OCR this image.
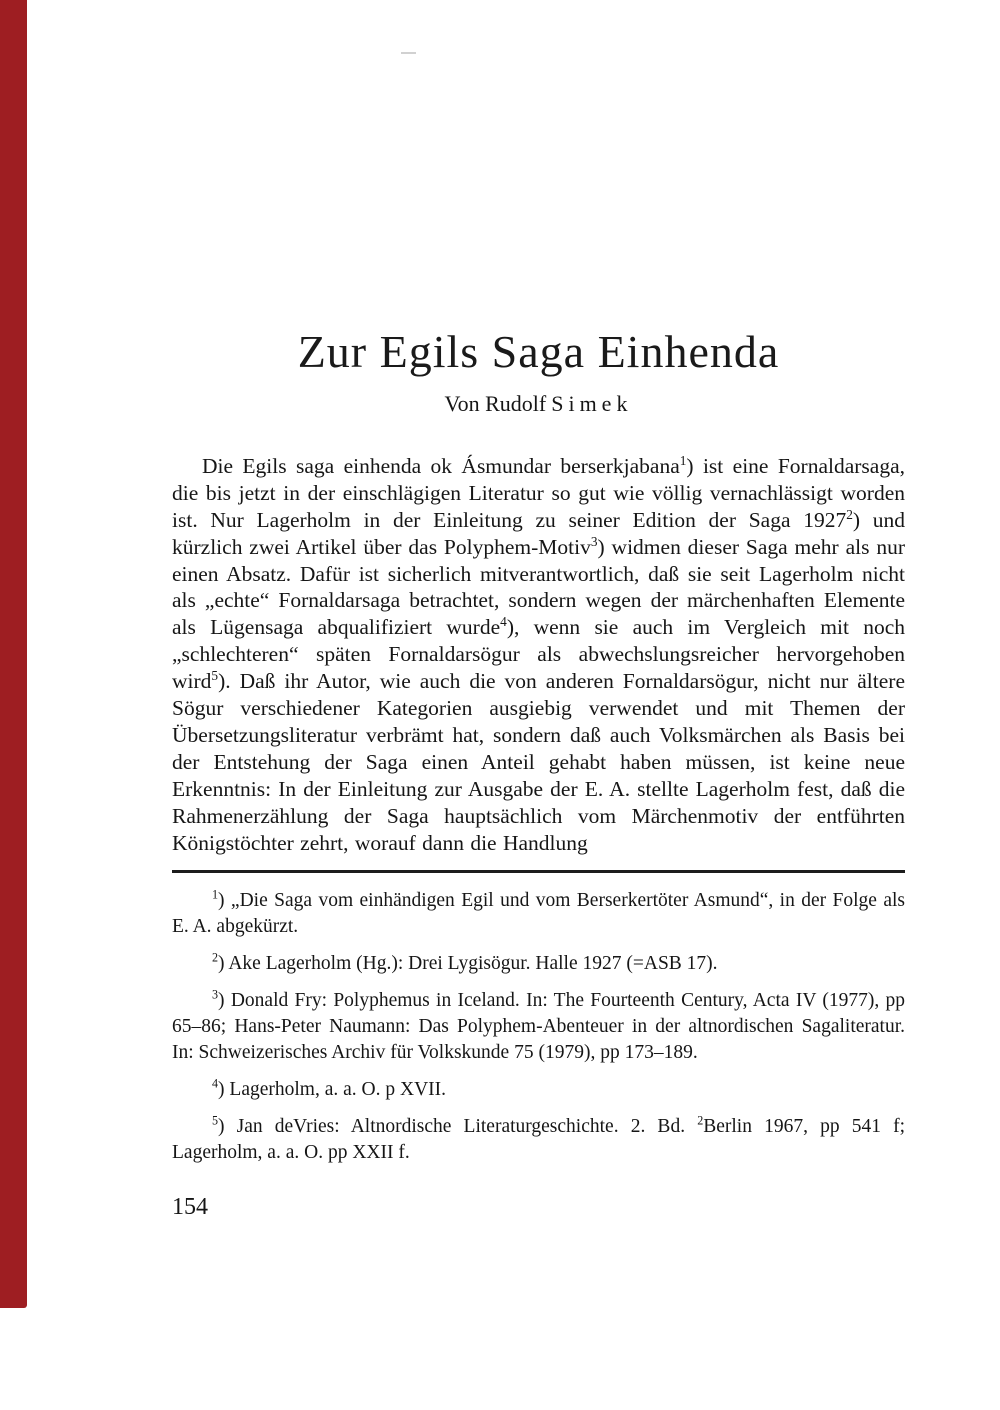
Zur Egils Saga Einhenda
Von Rudolf Simek

Die Egils saga einhenda ok Ásmundar berserkjabana$^1$) ist eine Fornaldarsaga, die bis jetzt in der einschlägigen Literatur so gut wie völlig vernachlässigt worden ist. Nur Lagerholm in der Einleitung zu seiner Edition der Saga 1927$^2$) und kürzlich zwei Artikel über das Polyphem-Motiv$^3$) widmen dieser Saga mehr als nur einen Absatz. Dafür ist sicherlich mitverantwortlich, daß sie seit Lagerholm nicht als „echte“ Fornaldarsaga betrachtet, sondern wegen der märchenhaften Elemente als Lügensaga abqualifiziert wurde$^4$), wenn sie auch im Vergleich mit noch „schlechteren“ späten Fornaldarsögur als abwechslungsreicher hervorgehoben wird$^5$). Daß ihr Autor, wie auch die von anderen Fornaldarsögur, nicht nur ältere Sögur verschiedener Kategorien ausgiebig verwendet und mit Themen der Übersetzungsliteratur verbrämt hat, sondern daß auch Volksmärchen als Basis bei der Entstehung der Saga einen Anteil gehabt haben müssen, ist keine neue Erkenntnis: In der Einleitung zur Ausgabe der E. A. stellte Lagerholm fest, daß die Rahmenerzählung der Saga hauptsächlich vom Märchenmotiv der entführten Königstöchter zehrt, worauf dann die Handlung

$^1$) „Die Saga vom einhändigen Egil und vom Berserkertöter Asmund“, in der Folge als E. A. abgekürzt.

$^2$) Ake Lagerholm (Hg.): Drei Lygisögur. Halle 1927 (=ASB 17).

$^3$) Donald Fry: Polyphemus in Iceland. In: The Fourteenth Century, Acta IV (1977), pp 65–86; Hans-Peter Naumann: Das Polyphem-Abenteuer in der altnordischen Sagaliteratur. In: Schweizerisches Archiv für Volkskunde 75 (1979), pp 173–189.

$^4$) Lagerholm, a. a. O. p XVII.

$^5$) Jan deVries: Altnordische Literaturgeschichte. 2. Bd. $^2$Berlin 1967, pp 541 f; Lagerholm, a. a. O. pp XXII f.

154
